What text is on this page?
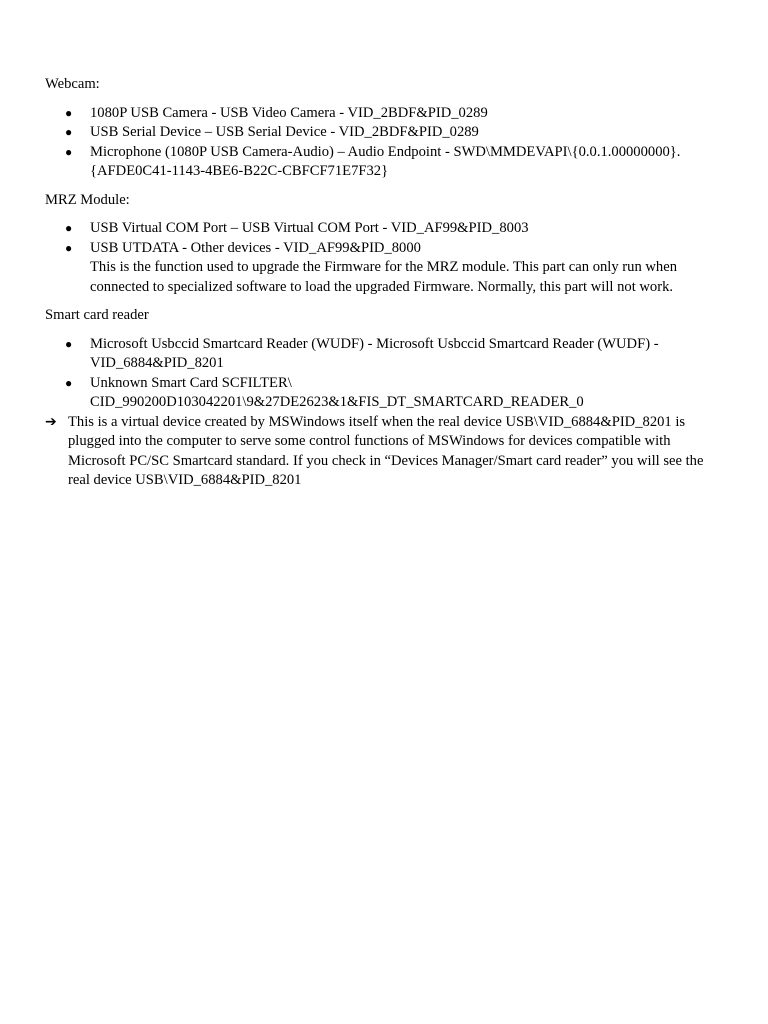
Webcam:

● 1080P USB Camera - USB Video Camera - VID_2BDF&PID_0289
● USB Serial Device – USB Serial Device - VID_2BDF&PID_0289
● Microphone (1080P USB Camera-Audio) – Audio Endpoint - SWD\MMDEVAPI\{0.0.1.00000000}.{AFDE0C41-1143-4BE6-B22C-CBFCF71E7F32}

MRZ Module:

● USB Virtual COM Port – USB Virtual COM Port - VID_AF99&PID_8003
● USB UTDATA - Other devices - VID_AF99&PID_8000
This is the function used to upgrade the Firmware for the MRZ module. This part can only run when connected to specialized software to load the upgraded Firmware. Normally, this part will not work.

Smart card reader

● Microsoft Usbccid Smartcard Reader (WUDF) - Microsoft Usbccid Smartcard Reader (WUDF) - VID_6884&PID_8201
● Unknown Smart Card SCFILTER\ CID_990200D103042201\9&27DE2623&1&FIS_DT_SMARTCARD_READER_0

➔ This is a virtual device created by MSWindows itself when the real device USB\VID_6884&PID_8201 is plugged into the computer to serve some control functions of MSWindows for devices compatible with Microsoft PC/SC Smartcard standard. If you check in “Devices Manager/Smart card reader” you will see the real device USB\VID_6884&PID_8201
